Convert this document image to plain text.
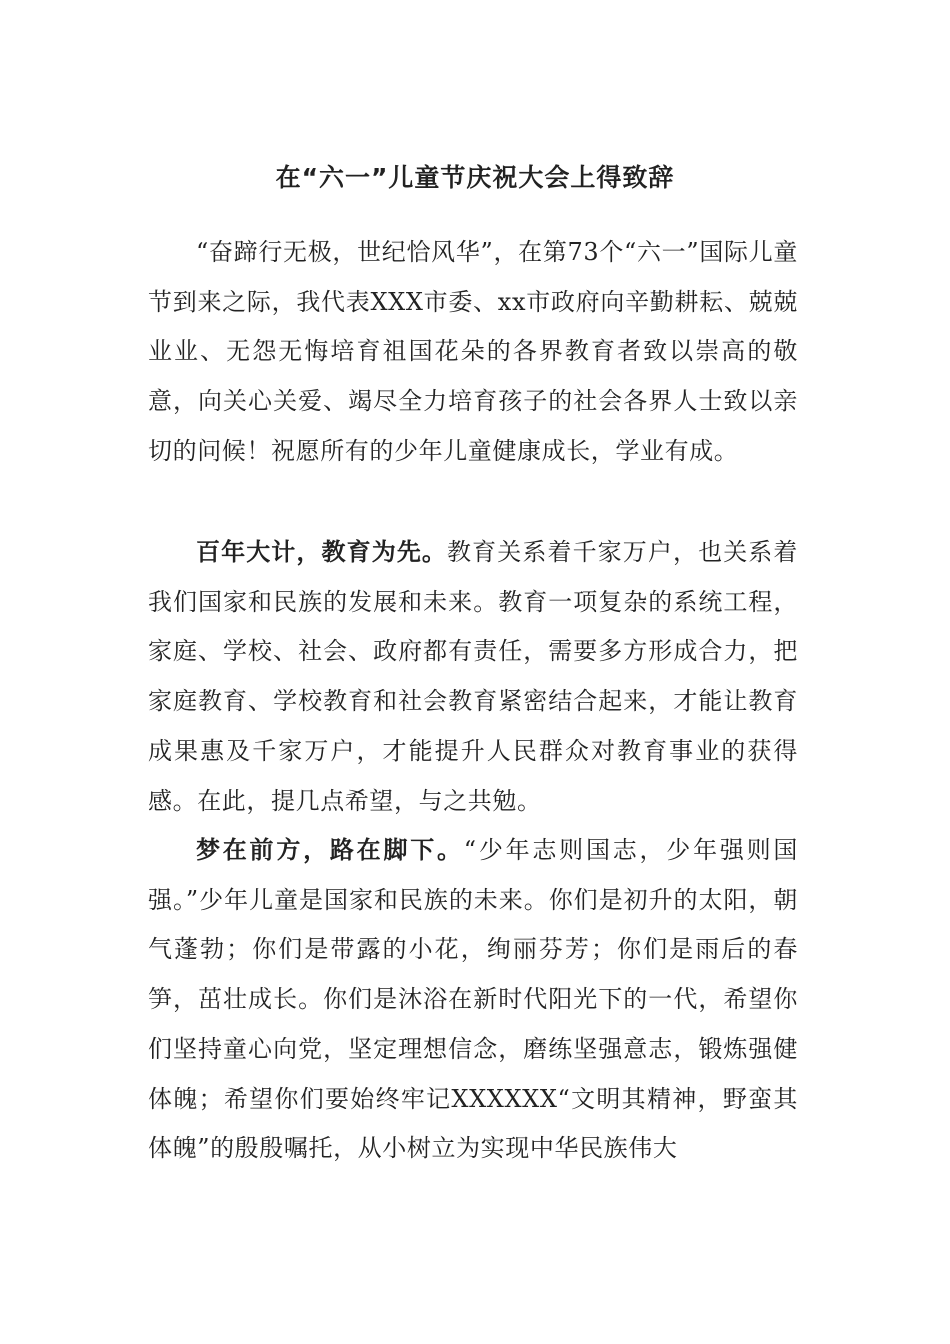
在“六一”儿童节庆祝大会上得致辞

“奋蹄行无极，世纪恰风华”，在第73个“六一”国际儿童节到来之际，我代表XXX市委、xx市政府向辛勤耕耘、兢兢业业、无怨无悔培育祖国花朵的各界教育者致以崇高的敬意，向关心关爱、竭尽全力培育孩子的社会各界人士致以亲切的问候！祝愿所有的少年儿童健康成长，学业有成。

百年大计，教育为先。教育关系着千家万户，也关系着我们国家和民族的发展和未来。教育一项复杂的系统工程，家庭、学校、社会、政府都有责任，需要多方形成合力，把家庭教育、学校教育和社会教育紧密结合起来，才能让教育成果惠及千家万户，才能提升人民群众对教育事业的获得感。在此，提几点希望，与之共勉。

梦在前方，路在脚下。“少年志则国志，少年强则国强。”少年儿童是国家和民族的未来。你们是初升的太阳，朝气蓬勃；你们是带露的小花，绚丽芬芳；你们是雨后的春笋，茁壮成长。你们是沐浴在新时代阳光下的一代，希望你们坚持童心向党，坚定理想信念，磨练坚强意志，锻炼强健体魄；希望你们要始终牢记XXXXXX“文明其精神，野蛮其体魄”的殷殷嘱托，从小树立为实现中华民族伟大
